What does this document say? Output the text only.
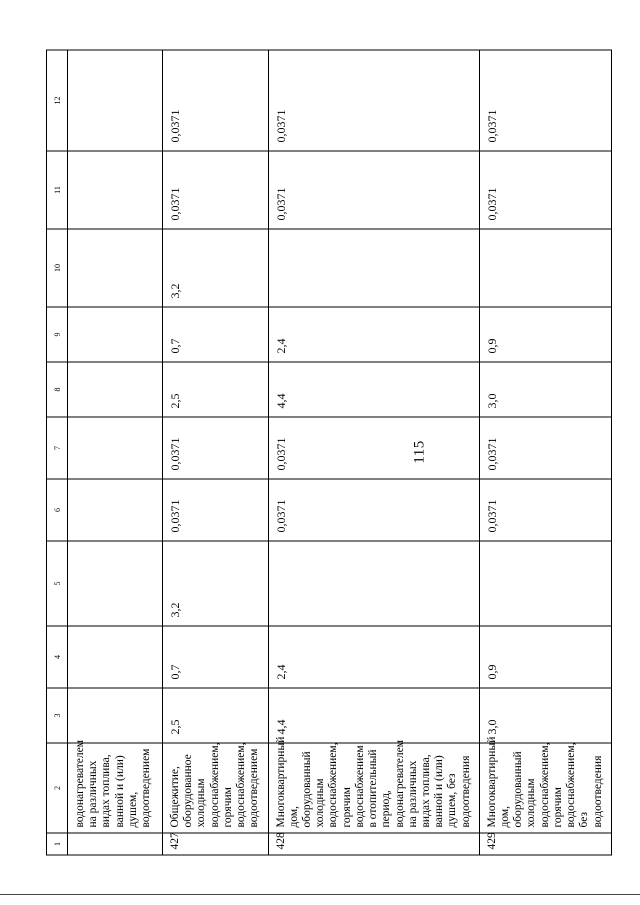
115
1	2	3	4	5	6	7	8	9	10	11	12
	водонагревателем на различных видах топлива, ванной и (или) душем, водоотведением										
427	Общежитие, оборудованное холодным водоснабжением, горячим водоснабжением, водоотведением	2,5	0,7	3,2	0,0371	0,0371	2,5	0,7	3,2	0,0371	0,0371
428	Многоквартирный дом, оборудованный холодным водоснабжением, горячим водоснабжением в отопительный период, водонагревателем на различных видах топлива, ванной и (или) душем, без водоотведения	4,4	2,4		0,0371	0,0371	4,4	2,4		0,0371	0,0371
429	Многоквартирный дом, оборудованный холодным водоснабжением, горячим водоснабжением, без водоотведения	3,0	0,9		0,0371	0,0371	3,0	0,9		0,0371	0,0371
